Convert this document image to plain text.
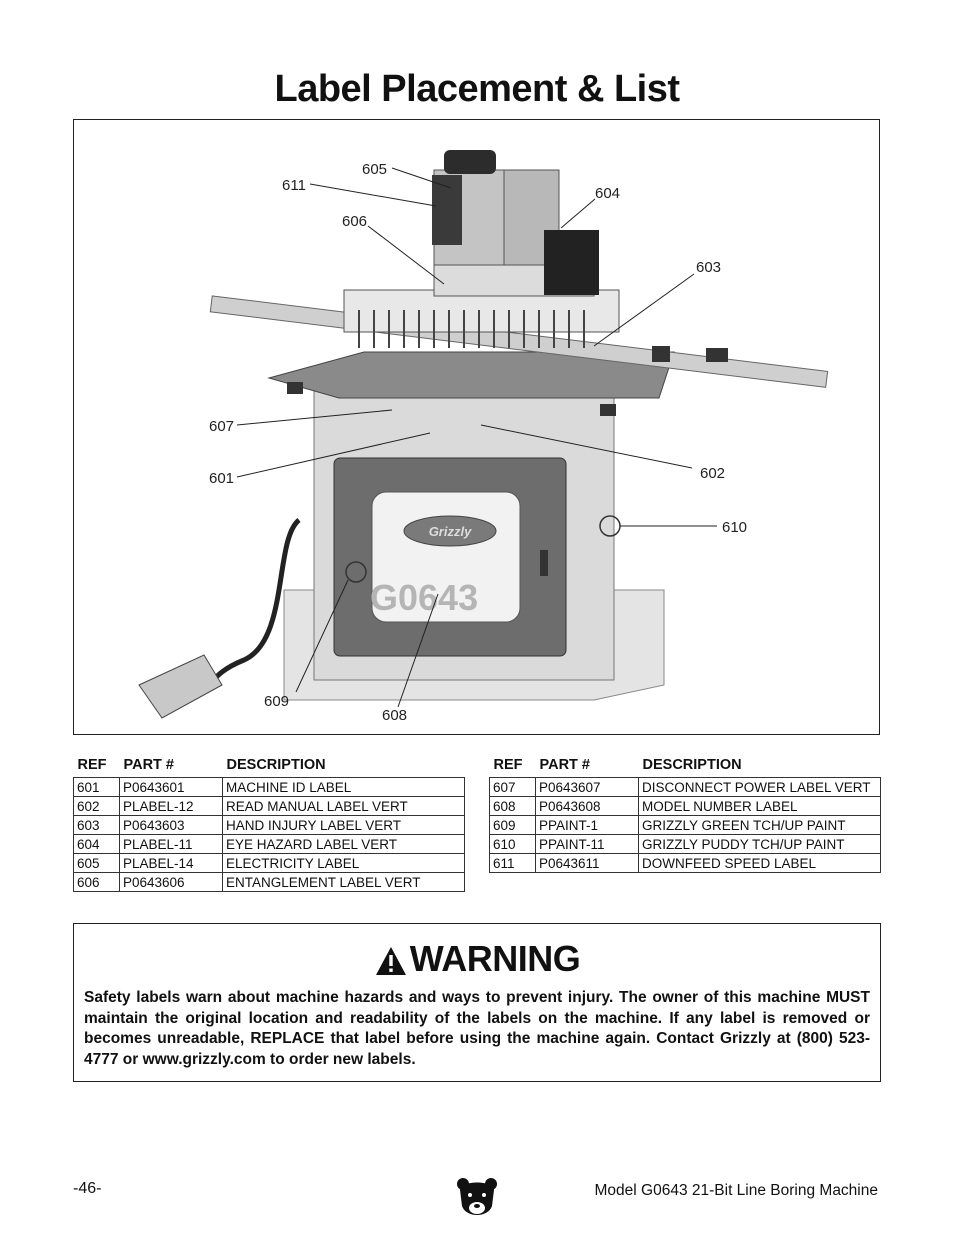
Label Placement & List
Grizzly
G0643
605
611	604
606
603
607
601	602
610
609
608
REF	PART #	DESCRIPTION
601	P0643601	MACHINE ID LABEL
602	PLABEL-12	READ MANUAL LABEL VERT
603	P0643603	HAND INJURY LABEL VERT
604	PLABEL-11	EYE HAZARD LABEL VERT
605	PLABEL-14	ELECTRICITY LABEL
606	P0643606	ENTANGLEMENT LABEL VERT
REF	PART #	DESCRIPTION
607	P0643607	DISCONNECT POWER LABEL VERT
608	P0643608	MODEL NUMBER LABEL
609	PPAINT-1	GRIZZLY GREEN TCH/UP PAINT
610	PPAINT-11	GRIZZLY PUDDY TCH/UP PAINT
611	P0643611	DOWNFEED SPEED LABEL
WARNING
Safety labels warn about machine hazards and ways to prevent injury. The owner of this machine MUST maintain the original location and readability of the labels on the machine. If any label is removed or becomes unreadable, REPLACE that label before using the machine again. Contact Grizzly at (800) 523-4777 or www.grizzly.com to order new labels.
-46-	Model G0643 21-Bit Line Boring Machine
